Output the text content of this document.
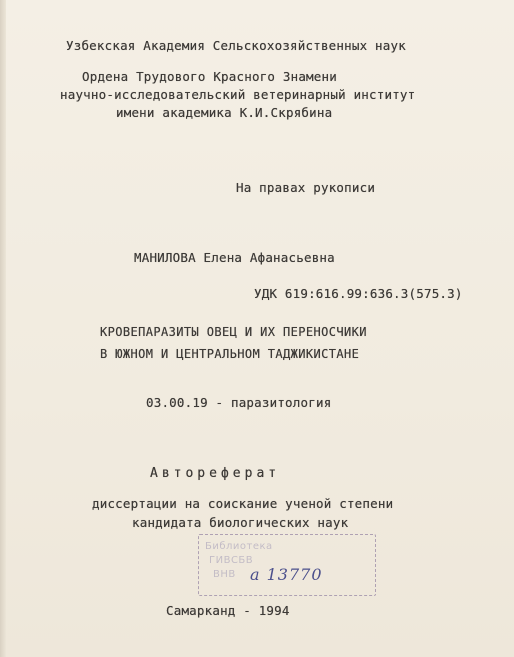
Узбекская Академия Сельскохозяйственных наук
Ордена Трудового Красного Знамени
научно-исследовательский ветеринарный институт
имени академика К.И.Скрябина
На правах рукописи
МАНИЛОВА Елена Афанасьевна
УДК 619:616.99:636.3(575.3)
КРОВЕПАРАЗИТЫ ОВЕЦ И ИХ ПЕРЕНОСЧИКИ
В ЮЖНОМ И ЦЕНТРАЛЬНОМ ТАДЖИКИСТАНЕ
03.00.19 - паразитология
Автореферат
диссертации на соискание ученой степени
кандидата биологических наук
Библиотека
ГИВСБВ
ВНВ а 13770
Самарканд - 1994
